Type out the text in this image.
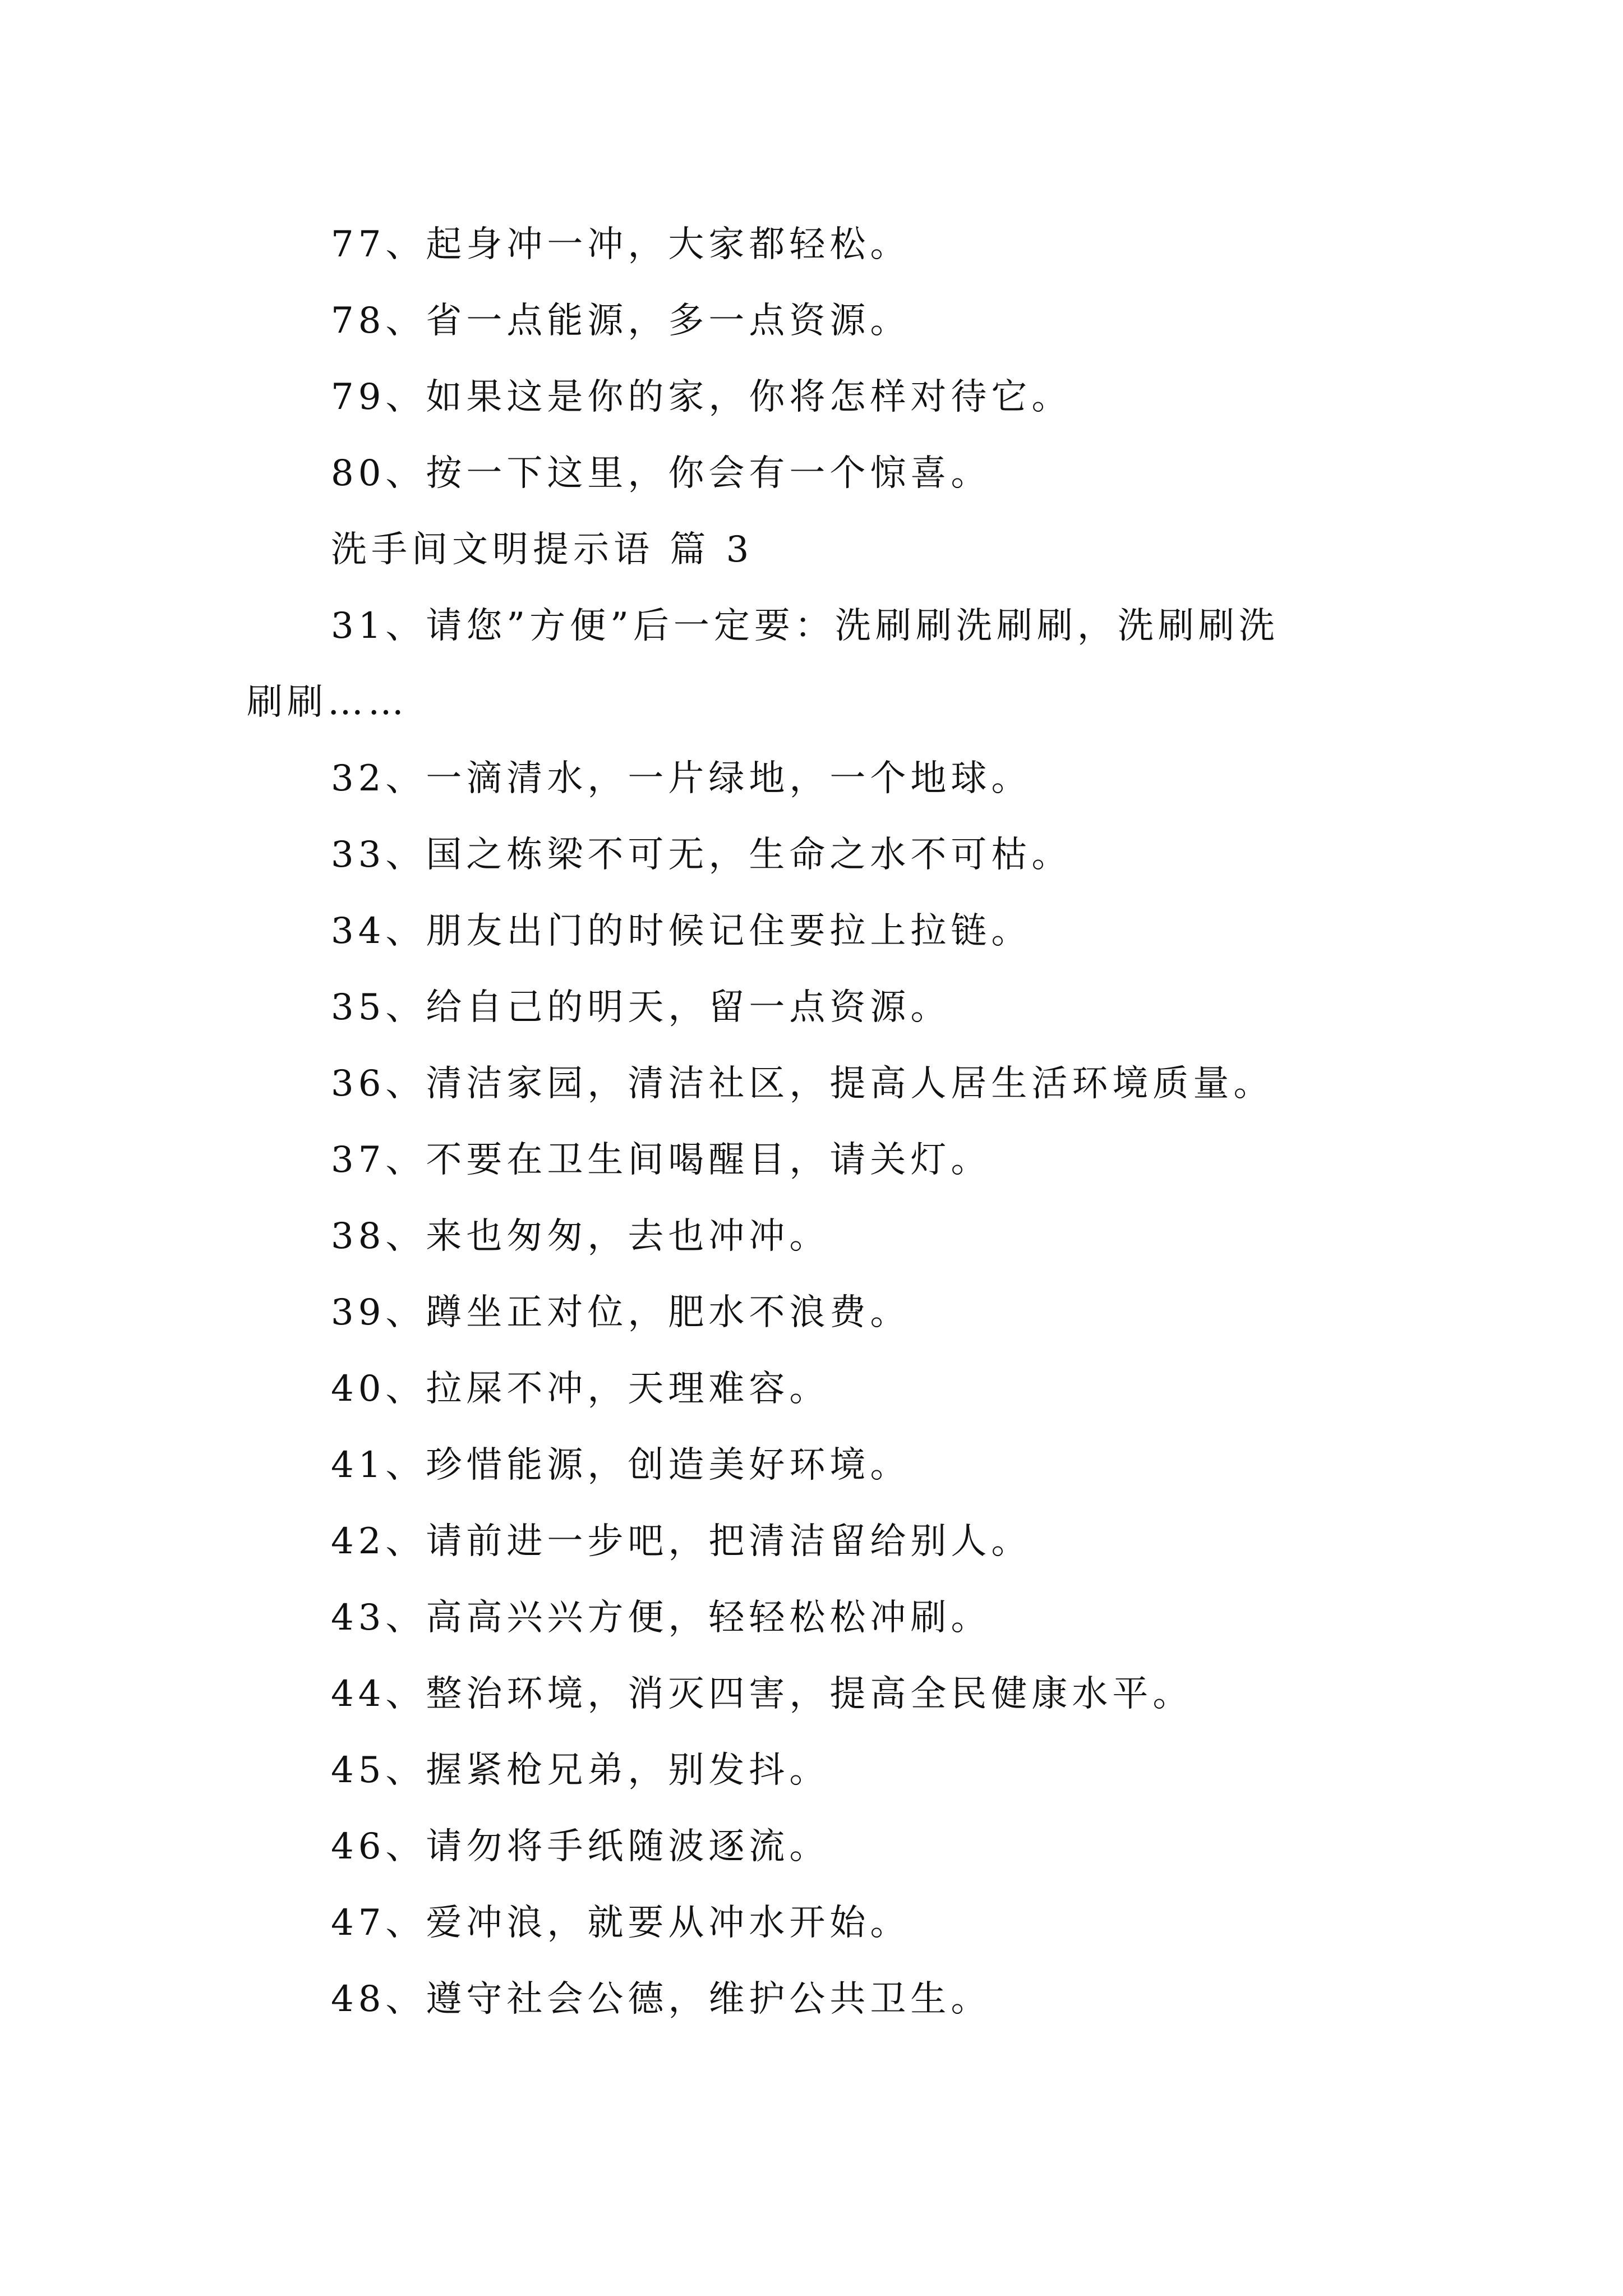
77、起身冲一冲，大家都轻松。
78、省一点能源，多一点资源。
79、如果这是你的家，你将怎样对待它。
80、按一下这里，你会有一个惊喜。
洗手间文明提示语 篇 3
31、请您”方便”后一定要：洗刷刷洗刷刷，洗刷刷洗
刷刷……
32、一滴清水，一片绿地，一个地球。
33、国之栋梁不可无，生命之水不可枯。
34、朋友出门的时候记住要拉上拉链。
35、给自己的明天，留一点资源。
36、清洁家园，清洁社区，提高人居生活环境质量。
37、不要在卫生间喝醒目，请关灯。
38、来也匆匆，去也冲冲。
39、蹲坐正对位，肥水不浪费。
40、拉屎不冲，天理难容。
41、珍惜能源，创造美好环境。
42、请前进一步吧，把清洁留给别人。
43、高高兴兴方便，轻轻松松冲刷。
44、整治环境，消灭四害，提高全民健康水平。
45、握紧枪兄弟，别发抖。
46、请勿将手纸随波逐流。
47、爱冲浪，就要从冲水开始。
48、遵守社会公德，维护公共卫生。
